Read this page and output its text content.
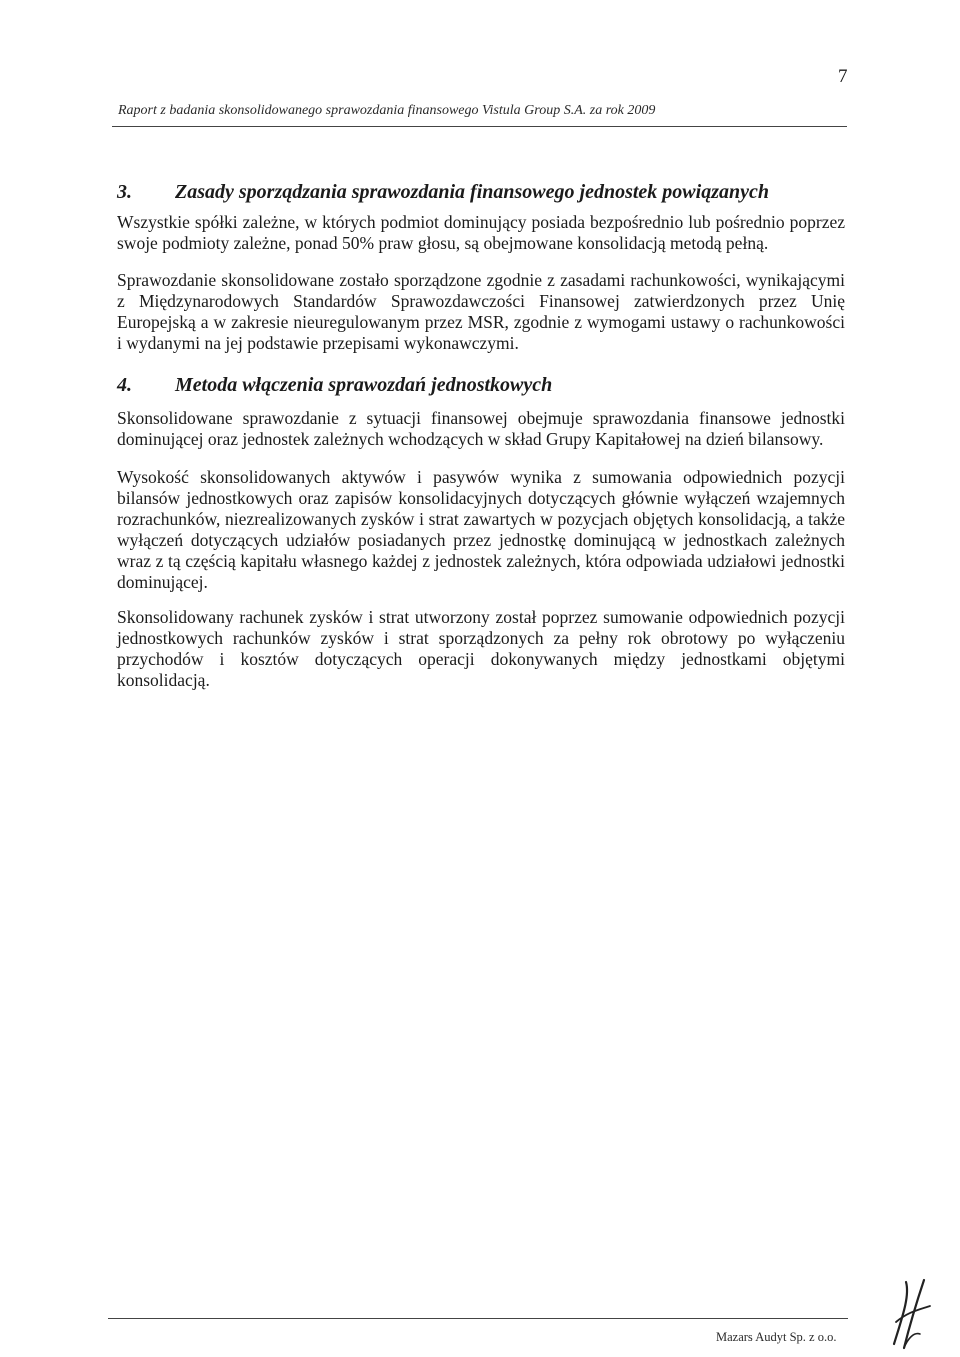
7
Raport z badania skonsolidowanego sprawozdania finansowego Vistula Group S.A. za rok 2009
3. Zasady sporządzania sprawozdania finansowego jednostek powiązanych

Wszystkie spółki zależne, w których podmiot dominujący posiada bezpośrednio lub pośrednio poprzez swoje podmioty zależne, ponad 50% praw głosu, są obejmowane konsolidacją metodą pełną.

Sprawozdanie skonsolidowane zostało sporządzone zgodnie z zasadami rachunkowości, wynikającymi z Międzynarodowych Standardów Sprawozdawczości Finansowej zatwierdzonych przez Unię Europejską a w zakresie nieuregulowanym przez MSR, zgodnie z wymogami ustawy o rachunkowości i wydanymi na jej podstawie przepisami wykonawczymi.

4. Metoda włączenia sprawozdań jednostkowych

Skonsolidowane sprawozdanie z sytuacji finansowej obejmuje sprawozdania finansowe jednostki dominującej oraz jednostek zależnych wchodzących w skład Grupy Kapitałowej na dzień bilansowy.

Wysokość skonsolidowanych aktywów i pasywów wynika z sumowania odpowiednich pozycji bilansów jednostkowych oraz zapisów konsolidacyjnych dotyczących głównie wyłączeń wzajemnych rozrachunków, niezrealizowanych zysków i strat zawartych w pozycjach objętych konsolidacją, a także wyłączeń dotyczących udziałów posiadanych przez jednostkę dominującą w jednostkach zależnych wraz z tą częścią kapitału własnego każdej z jednostek zależnych, która odpowiada udziałowi jednostki dominującej.

Skonsolidowany rachunek zysków i strat utworzony został poprzez sumowanie odpowiednich pozycji jednostkowych rachunków zysków i strat sporządzonych za pełny rok obrotowy po wyłączeniu przychodów i kosztów dotyczących operacji dokonywanych między jednostkami objętymi konsolidacją.

Mazars Audyt Sp. z o.o.
